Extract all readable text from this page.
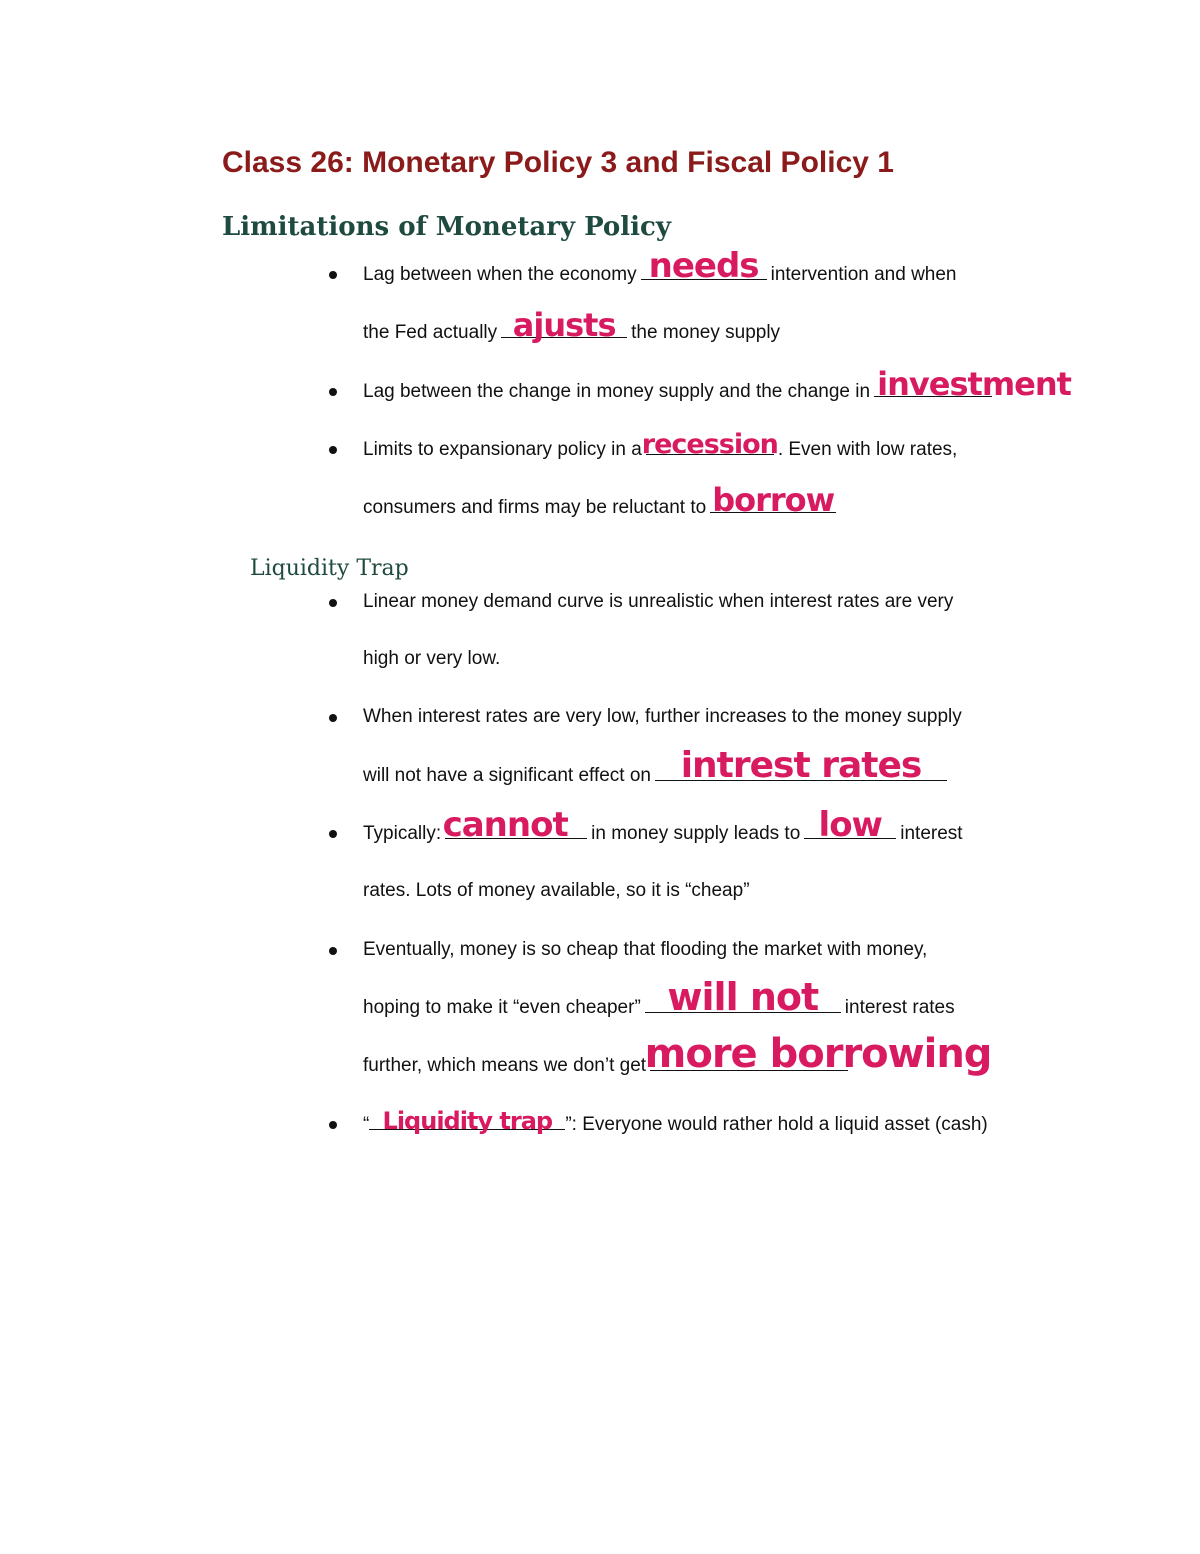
Class 26: Monetary Policy 3 and Fiscal Policy 1
Limitations of Monetary Policy
Lag between when the economy needs intervention and when
the Fed actually ajusts the money supply
Lag between the change in money supply and the change in investment
Limits to expansionary policy in a recession . Even with low rates,
consumers and firms may be reluctant to borrow
Liquidity Trap
Linear money demand curve is unrealistic when interest rates are very
high or very low.
When interest rates are very low, further increases to the money supply
will not have a significant effect on intrest rates
Typically: cannot in money supply leads to low interest
rates. Lots of money available, so it is “cheap”
Eventually, money is so cheap that flooding the market with money,
hoping to make it “even cheaper” will not interest rates
further, which means we don’t get
more borrowing
“ Liquidity trap ”: Everyone would rather hold a liquid asset (cash)
